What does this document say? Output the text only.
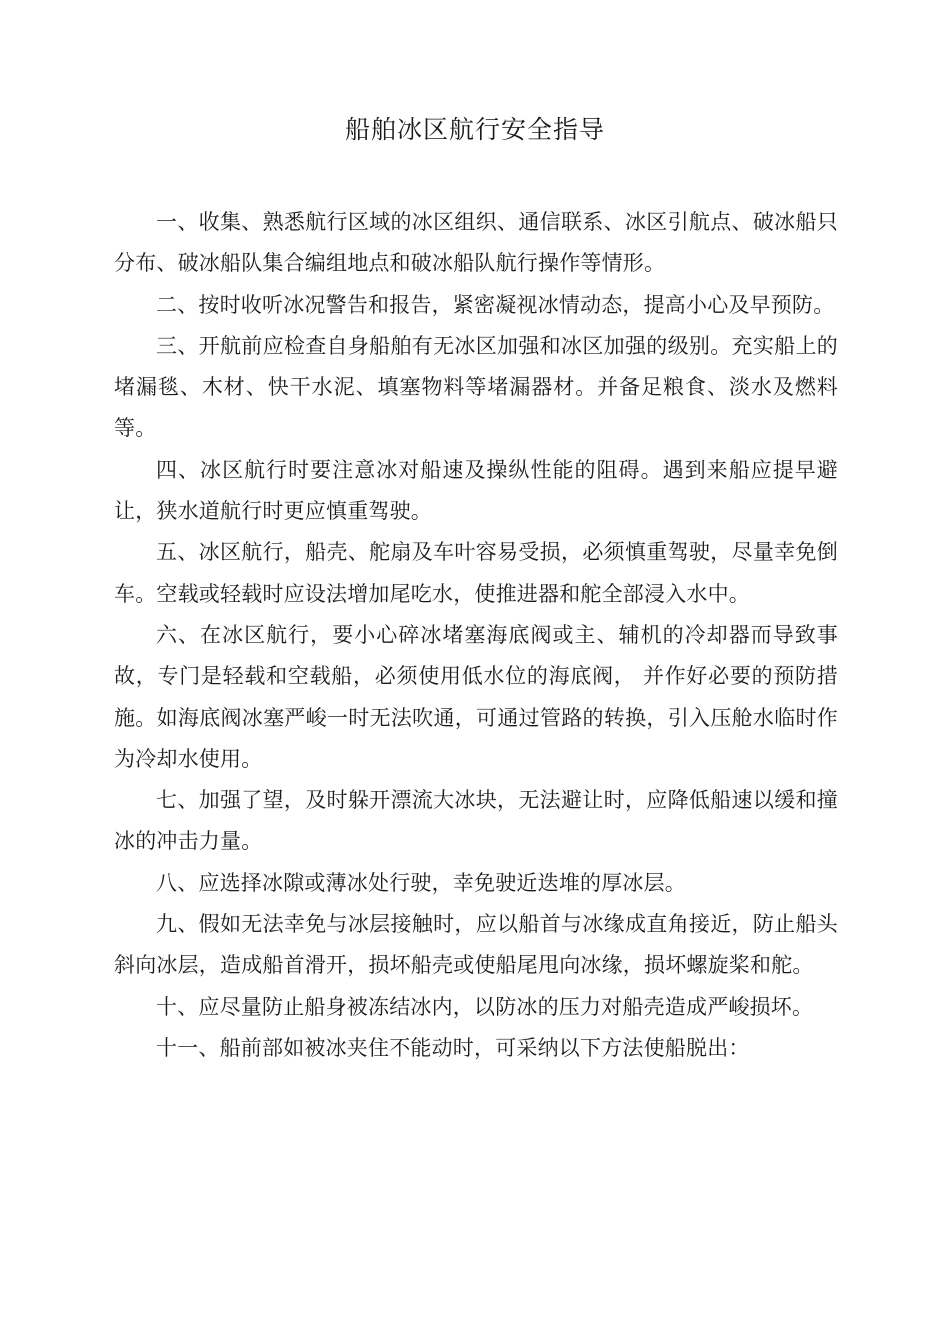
船舶冰区航行安全指导

一、收集、熟悉航行区域的冰区组织、通信联系、冰区引航点、破冰船只分布、破冰船队集合编组地点和破冰船队航行操作等情形。

二、按时收听冰况警告和报告，紧密凝视冰情动态，提高小心及早预防。

三、开航前应检查自身船舶有无冰区加强和冰区加强的级别。充实船上的堵漏毯、木材、快干水泥、填塞物料等堵漏器材。并备足粮食、淡水及燃料等。

四、冰区航行时要注意冰对船速及操纵性能的阻碍。遇到来船应提早避让，狭水道航行时更应慎重驾驶。

五、冰区航行，船壳、舵扇及车叶容易受损，必须慎重驾驶，尽量幸免倒车。空载或轻载时应设法增加尾吃水，使推进器和舵全部浸入水中。

六、在冰区航行，要小心碎冰堵塞海底阀或主、辅机的冷却器而导致事故，专门是轻载和空载船，必须使用低水位的海底阀， 并作好必要的预防措施。如海底阀冰塞严峻一时无法吹通，可通过管路的转换，引入压舱水临时作为冷却水使用。

七、加强了望，及时躲开漂流大冰块，无法避让时，应降低船速以缓和撞冰的冲击力量。

八、应选择冰隙或薄冰处行驶，幸免驶近迭堆的厚冰层。

九、假如无法幸免与冰层接触时，应以船首与冰缘成直角接近，防止船头斜向冰层，造成船首滑开，损坏船壳或使船尾甩向冰缘，损坏螺旋桨和舵。

十、应尽量防止船身被冻结冰内，以防冰的压力对船壳造成严峻损坏。

十一、船前部如被冰夹住不能动时，可采纳以下方法使船脱出：
